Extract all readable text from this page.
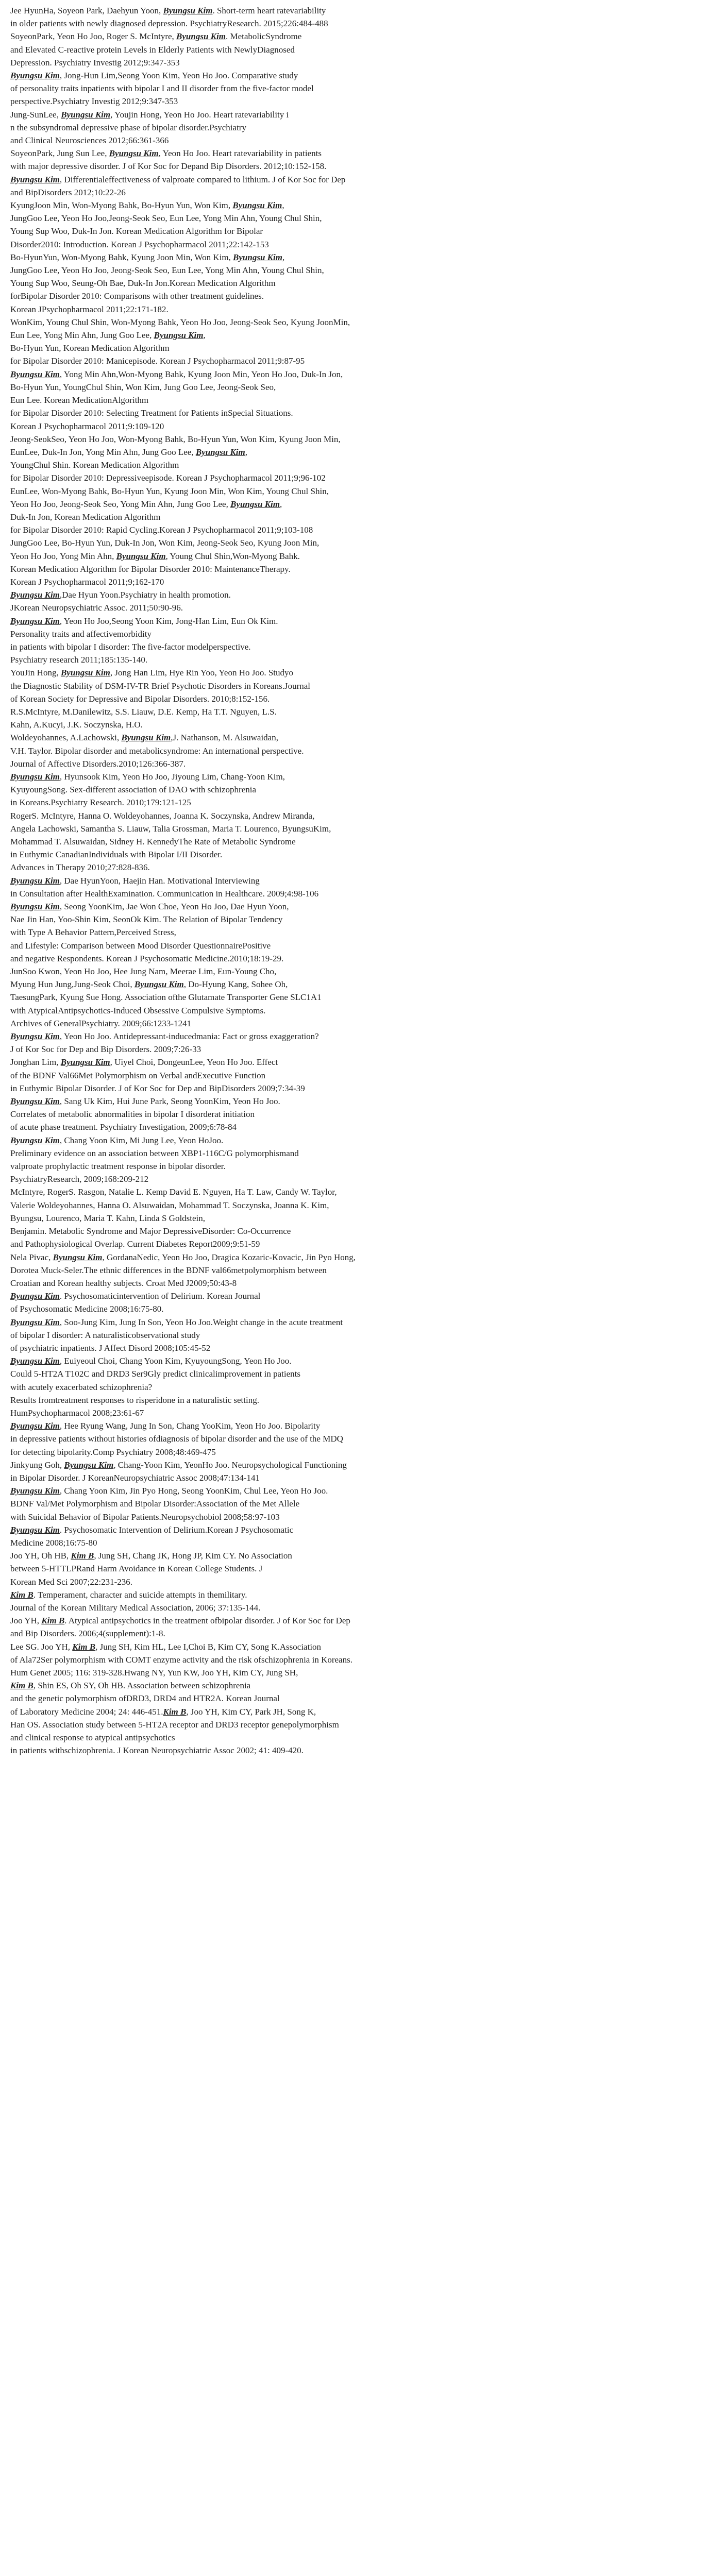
Jee HyunHa, Soyeon Park, Daehyun Yoon, Byungsu Kim. Short-term heart ratevariability

in older patients with newly diagnosed depression. PsychiatryResearch. 2015;226:484-488

SoyeonPark, Yeon Ho Joo, Roger S. McIntyre, Byungsu Kim. MetabolicSyndrome

and Elevated C-reactive protein Levels in Elderly Patients with NewlyDiagnosed

Depression. Psychiatry Investig 2012;9:347-353

Byungsu Kim, Jong-Hun Lim,Seong Yoon Kim, Yeon Ho Joo. Comparative study

of personality traits inpatients with bipolar I and II disorder from the five-factor model

perspective.Psychiatry Investig 2012;9:347-353

Jung-SunLee, Byungsu Kim, Youjin Hong, Yeon Ho Joo. Heart ratevariability i

n the subsyndromal depressive phase of bipolar disorder.Psychiatry

and Clinical Neurosciences 2012;66:361-366

SoyeonPark, Jung Sun Lee, Byungsu Kim, Yeon Ho Joo. Heart ratevariability in patients

with major depressive disorder. J of Kor Soc for Depand Bip Disorders. 2012;10:152-158.

Byungsu Kim, Differentialeffectiveness of valproate compared to lithium. J of Kor Soc for Dep

and BipDisorders 2012;10:22-26

KyungJoon Min, Won-Myong Bahk, Bo-Hyun Yun, Won Kim, Byungsu Kim,

JungGoo Lee, Yeon Ho Joo,Jeong-Seok Seo, Eun Lee, Yong Min Ahn, Young Chul Shin,

Young Sup Woo, Duk-In Jon. Korean Medication Algorithm for Bipolar

Disorder2010: Introduction. Korean J Psychopharmacol 2011;22:142-153

Bo-HyunYun, Won-Myong Bahk, Kyung Joon Min, Won Kim, Byungsu Kim,

JungGoo Lee, Yeon Ho Joo, Jeong-Seok Seo, Eun Lee, Yong Min Ahn, Young Chul Shin,

Young Sup Woo, Seung-Oh Bae, Duk-In Jon.Korean Medication Algorithm

forBipolar Disorder 2010: Comparisons with other treatment guidelines.

Korean JPsychopharmacol 2011;22:171-182.

WonKim, Young Chul Shin, Won-Myong Bahk, Yeon Ho Joo, Jeong-Seok Seo, Kyung JoonMin,

Eun Lee, Yong Min Ahn, Jung Goo Lee, Byungsu Kim,

Bo-Hyun Yun, Korean Medication Algorithm

for Bipolar Disorder 2010: Manicepisode. Korean J Psychopharmacol 2011;9:87-95

Byungsu Kim, Yong Min Ahn,Won-Myong Bahk, Kyung Joon Min, Yeon Ho Joo, Duk-In Jon,

Bo-Hyun Yun, YoungChul Shin, Won Kim, Jung Goo Lee, Jeong-Seok Seo,

Eun Lee. Korean MedicationAlgorithm

for Bipolar Disorder 2010: Selecting Treatment for Patients inSpecial Situations.

Korean J Psychopharmacol 2011;9:109-120

Jeong-SeokSeo, Yeon Ho Joo, Won-Myong Bahk, Bo-Hyun Yun, Won Kim, Kyung Joon Min,

EunLee, Duk-In Jon, Yong Min Ahn, Jung Goo Lee, Byungsu Kim,

YoungChul Shin. Korean Medication Algorithm

for Bipolar Disorder 2010: Depressiveepisode. Korean J Psychopharmacol 2011;9;96-102

EunLee, Won-Myong Bahk, Bo-Hyun Yun, Kyung Joon Min, Won Kim, Young Chul Shin,

Yeon Ho Joo, Jeong-Seok Seo, Yong Min Ahn, Jung Goo Lee, Byungsu Kim,

Duk-In Jon, Korean Medication Algorithm

for Bipolar Disorder 2010: Rapid Cycling.Korean J Psychopharmacol 2011;9;103-108

JungGoo Lee, Bo-Hyun Yun, Duk-In Jon, Won Kim, Jeong-Seok Seo, Kyung Joon Min,

Yeon Ho Joo, Yong Min Ahn, Byungsu Kim, Young Chul Shin,Won-Myong Bahk.

Korean Medication Algorithm for Bipolar Disorder 2010: MaintenanceTherapy.

Korean J Psychopharmacol 2011;9;162-170

Byungsu Kim,Dae Hyun Yoon.Psychiatry in health promotion.

JKorean Neuropsychiatric Assoc. 2011;50:90-96.

Byungsu Kim, Yeon Ho Joo,Seong Yoon Kim, Jong-Han Lim, Eun Ok Kim.

Personality traits and affectivemorbidity

in patients with bipolar I disorder: The five-factor modelperspective.

Psychiatry research 2011;185:135-140.

YouJin Hong, Byungsu Kim, Jong Han Lim, Hye Rin Yoo, Yeon Ho Joo. Studyo

the Diagnostic Stability of DSM-IV-TR Brief Psychotic Disorders in Koreans.Journal

of Korean Society for Depressive and Bipolar Disorders. 2010;8:152-156.

R.S.McIntyre, M.Danilewitz, S.S. Liauw, D.E. Kemp, Ha T.T. Nguyen, L.S.

Kahn, A.Kucyi, J.K. Soczynska, H.O.

Woldeyohannes, A.Lachowski, Byungsu Kim,J. Nathanson, M. Alsuwaidan,

V.H. Taylor. Bipolar disorder and metabolicsyndrome: An international perspective.

Journal of Affective Disorders.2010;126:366-387.

Byungsu Kim, Hyunsook Kim, Yeon Ho Joo, Jiyoung Lim, Chang-Yoon Kim,

KyuyoungSong. Sex-different association of DAO with schizophrenia

in Koreans.Psychiatry Research. 2010;179:121-125

RogerS. McIntyre, Hanna O. Woldeyohannes, Joanna K. Soczynska, Andrew Miranda,

Angela Lachowski, Samantha S. Liauw, Talia Grossman, Maria T. Lourenco, ByungsuKim,

Mohammad T. Alsuwaidan, Sidney H. KennedyThe Rate of Metabolic Syndrome

in Euthymic CanadianIndividuals with Bipolar I/II Disorder.

Advances in Therapy 2010;27:828-836.

Byungsu Kim, Dae HyunYoon, Haejin Han. Motivational Interviewing

in Consultation after HealthExamination. Communication in Healthcare. 2009;4:98-106

Byungsu Kim, Seong YoonKim, Jae Won Choe, Yeon Ho Joo, Dae Hyun Yoon,

Nae Jin Han, Yoo-Shin Kim, SeonOk Kim. The Relation of Bipolar Tendency

with Type A Behavior Pattern,Perceived Stress,

and Lifestyle: Comparison between Mood Disorder QuestionnairePositive

and negative Respondents. Korean J Psychosomatic Medicine.2010;18:19-29.

JunSoo Kwon, Yeon Ho Joo, Hee Jung Nam, Meerae Lim, Eun-Young Cho,

Myung Hun Jung,Jung-Seok Choi, Byungsu Kim, Do-Hyung Kang, Sohee Oh,

TaesungPark, Kyung Sue Hong. Association ofthe Glutamate Transporter Gene SLC1A1

with AtypicalAntipsychotics-Induced Obsessive Compulsive Symptoms.

Archives of GeneralPsychiatry. 2009;66:1233-1241

Byungsu Kim, Yeon Ho Joo. Antidepressant-inducedmania: Fact or gross exaggeration?

J of Kor Soc for Dep and Bip Disorders. 2009;7:26-33

Jonghan Lim, Byungsu Kim, Uiyel Choi, DongeunLee, Yeon Ho Joo. Effect

of the BDNF Val66Met Polymorphism on Verbal andExecutive Function

in Euthymic Bipolar Disorder. J of Kor Soc for Dep and BipDisorders 2009;7:34-39

Byungsu Kim, Sang Uk Kim, Hui June Park, Seong YoonKim, Yeon Ho Joo.

Correlates of metabolic abnormalities in bipolar I disorderat initiation

of acute phase treatment. Psychiatry Investigation, 2009;6:78-84

Byungsu Kim, Chang Yoon Kim, Mi Jung Lee, Yeon HoJoo.

Preliminary evidence on an association between XBP1-116C/G polymorphismand

valproate prophylactic treatment response in bipolar disorder.

PsychiatryResearch, 2009;168:209-212

McIntyre, RogerS. Rasgon, Natalie L. Kemp David E. Nguyen, Ha T. Law, Candy W. Taylor,

Valerie Woldeyohannes, Hanna O. Alsuwaidan, Mohammad T. Soczynska, Joanna K. Kim,

Byungsu, Lourenco, Maria T. Kahn, Linda S Goldstein,

Benjamin. Metabolic Syndrome and Major DepressiveDisorder: Co-Occurrence

and Pathophysiological Overlap. Current Diabetes Report2009;9:51-59

Nela Pivac, Byungsu Kim, GordanaNedic, Yeon Ho Joo, Dragica Kozaric-Kovacic, Jin Pyo Hong,

Dorotea Muck-Seler.The ethnic differences in the BDNF val66metpolymorphism between

Croatian and Korean healthy subjects. Croat Med J2009;50:43-8

Byungsu Kim. Psychosomaticintervention of Delirium. Korean Journal

of Psychosomatic Medicine 2008;16:75-80.

Byungsu Kim, Soo-Jung Kim, Jung In Son, Yeon Ho Joo.Weight change in the acute treatment

of bipolar I disorder: A naturalisticobservational study

of psychiatric inpatients. J Affect Disord 2008;105:45-52

Byungsu Kim, Euiyeoul Choi, Chang Yoon Kim, KyuyoungSong, Yeon Ho Joo.

Could 5-HT2A T102C and DRD3 Ser9Gly predict clinicalimprovement in patients

with acutely exacerbated schizophrenia?

Results fromtreatment responses to risperidone in a naturalistic setting.

HumPsychopharmacol 2008;23:61-67

Byungsu Kim, Hee Ryung Wang, Jung In Son, Chang YooKim, Yeon Ho Joo. Bipolarity

in depressive patients without histories ofdiagnosis of bipolar disorder and the use of the MDQ

for detecting bipolarity.Comp Psychiatry 2008;48:469-475

Jinkyung Goh, Byungsu Kim, Chang-Yoon Kim, YeonHo Joo. Neuropsychological Functioning

in Bipolar Disorder. J KoreanNeuropsychiatric Assoc 2008;47:134-141

Byungsu Kim, Chang Yoon Kim, Jin Pyo Hong, Seong YoonKim, Chul Lee, Yeon Ho Joo.

BDNF Val/Met Polymorphism and Bipolar Disorder:Association of the Met Allele

with Suicidal Behavior of Bipolar Patients.Neuropsychobiol 2008;58:97-103

Byungsu Kim. Psychosomatic Intervention of Delirium.Korean J Psychosomatic

Medicine 2008;16:75-80

Joo YH, Oh HB, Kim B, Jung SH, Chang JK, Hong JP, Kim CY. No Association

between 5-HTTLPRand Harm Avoidance in Korean College Students. J

Korean Med Sci 2007;22:231-236.

Kim B. Temperament, character and suicide attempts in themilitary.

Journal of the Korean Military Medical Association, 2006; 37:135-144.

Joo YH, Kim B. Atypical antipsychotics in the treatment ofbipolar disorder. J of Kor Soc for Dep

and Bip Disorders. 2006;4(supplement):1-8.

Lee SG. Joo YH, Kim B, Jung SH, Kim HL, Lee I,Choi B, Kim CY, Song K.Association

of Ala72Ser polymorphism with COMT enzyme activity and the risk ofschizophrenia in Koreans.

Hum Genet 2005; 116: 319-328.Hwang NY, Yun KW, Joo YH, Kim CY, Jung SH,

Kim B, Shin ES, Oh SY, Oh HB. Association between schizophrenia

and the genetic polymorphism ofDRD3, DRD4 and HTR2A. Korean Journal

of Laboratory Medicine 2004; 24: 446-451.Kim B, Joo YH, Kim CY, Park JH, Song K,

Han OS. Association study between 5-HT2A receptor and DRD3 receptor genepolymorphism

and clinical response to atypical antipsychotics

in patients withschizophrenia. J Korean Neuropsychiatric Assoc 2002; 41: 409-420.
